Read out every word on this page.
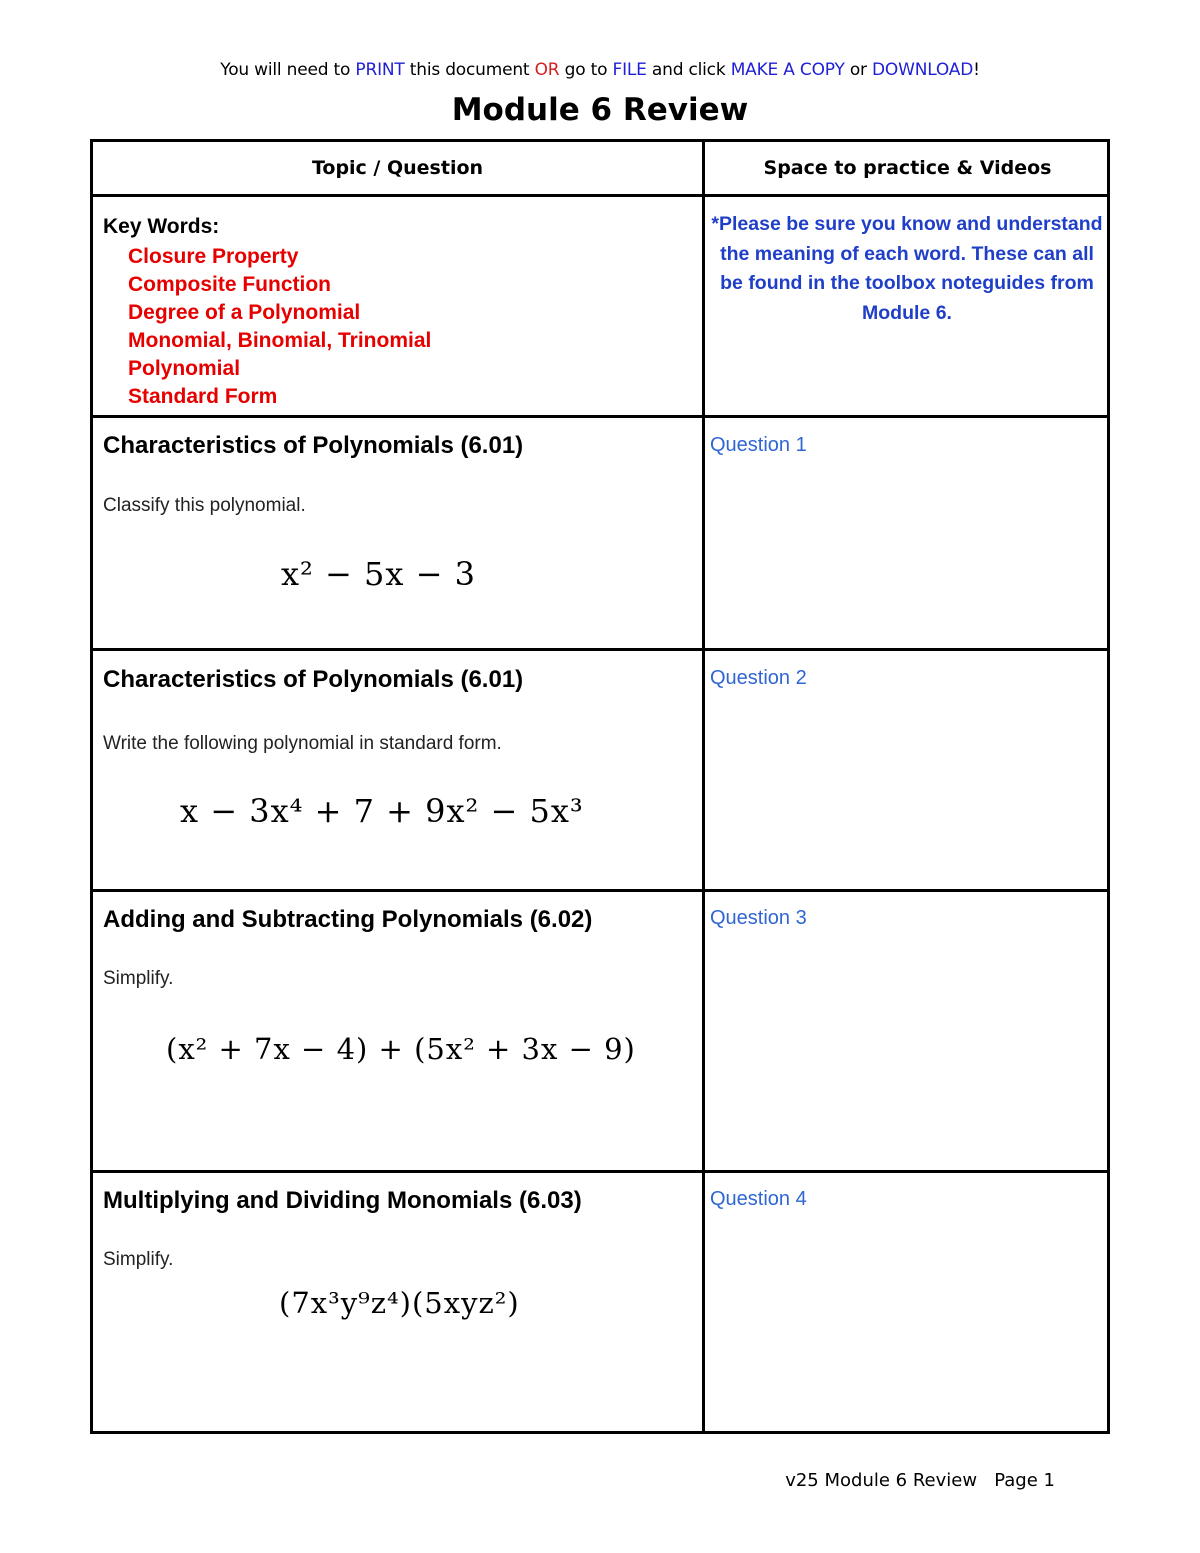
You will need to PRINT this document OR go to FILE and click MAKE A COPY or DOWNLOAD!
Module 6 Review
Topic / Question	Space to practice & Videos
Key Words:
Closure Property
Composite Function
Degree of a Polynomial
Monomial, Binomial, Trinomial
Polynomial
Standard Form
*Please be sure you know and understand the meaning of each word. These can all be found in the toolbox noteguides from Module 6.
Characteristics of Polynomials (6.01)
Classify this polynomial.
x² − 5x − 3
Question 1
Characteristics of Polynomials (6.01)
Write the following polynomial in standard form.
x − 3x⁴ + 7 + 9x² − 5x³
Question 2
Adding and Subtracting Polynomials (6.02)
Simplify.
(x² + 7x − 4) + (5x² + 3x − 9)
Question 3
Multiplying and Dividing Monomials (6.03)
Simplify.
(7x³y⁹z⁴)(5xyz²)
Question 4
v25 Module 6 Review Page 1
